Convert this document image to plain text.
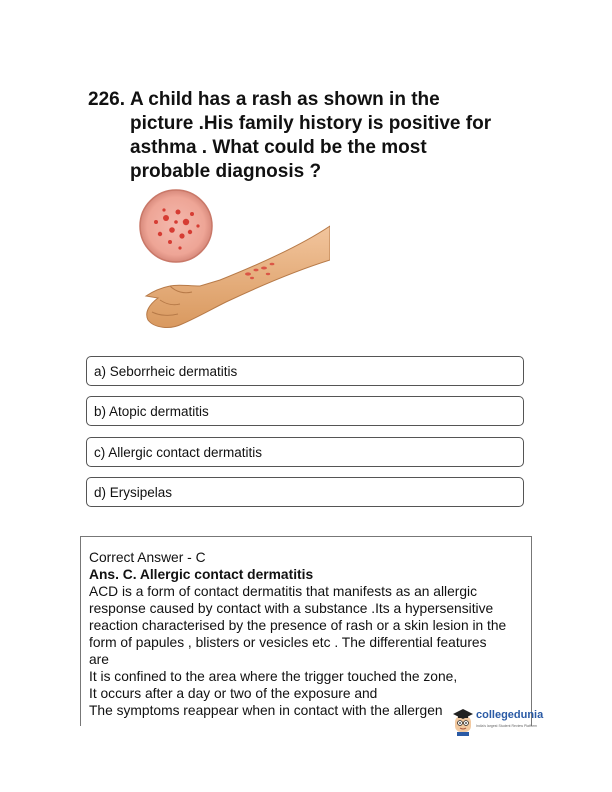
226. A child has a rash as shown in the
picture .His family history is positive for
asthma . What could be the most
probable diagnosis ?
a) Seborrheic dermatitis
b) Atopic dermatitis
c) Allergic contact dermatitis
d) Erysipelas
Correct Answer - C
Ans. C. Allergic contact dermatitis
ACD is a form of contact dermatitis that manifests as an allergic
response caused by contact with a substance .Its a hypersensitive
reaction characterised by the presence of rash or a skin lesion in the
form of papules , blisters or vesicles etc . The differential features
are
It is confined to the area where the trigger touched the zone,
It occurs after a day or two of the exposure and
The symptoms reappear when in contact with the allergen	collegedunia
India's largest Student Review Platform
